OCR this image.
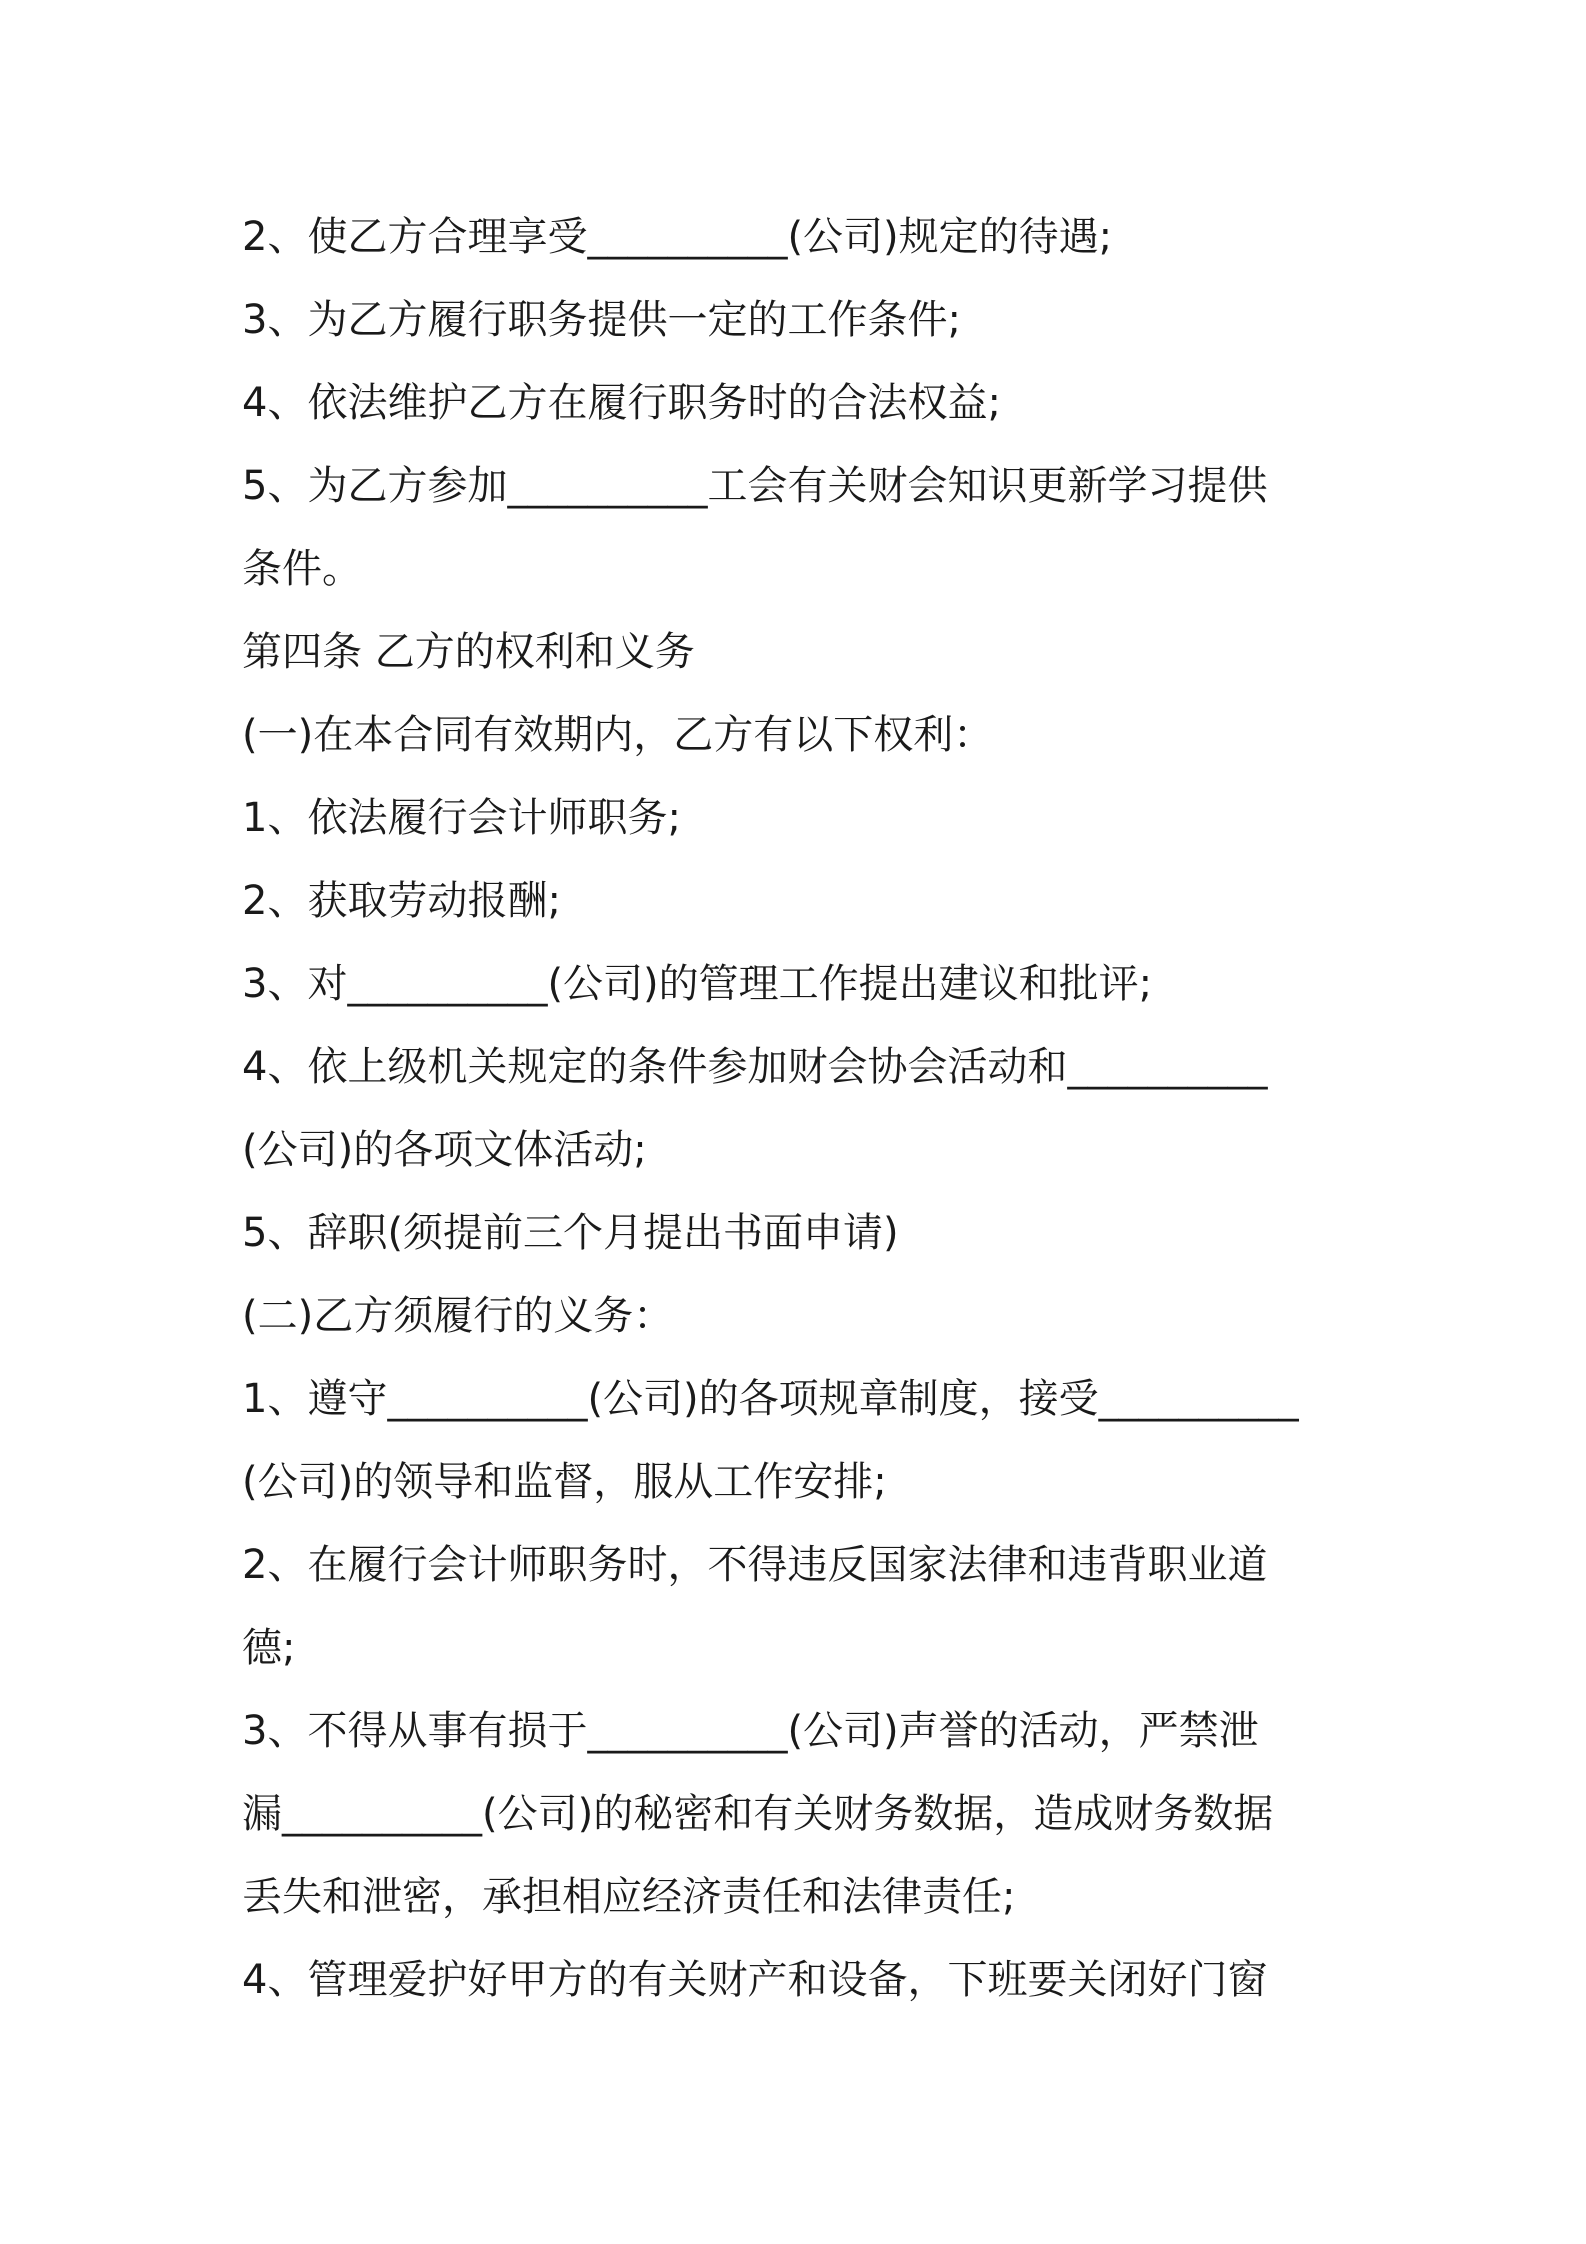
2、使乙方合理享受__________(公司)规定的待遇;
3、为乙方履行职务提供一定的工作条件;
4、依法维护乙方在履行职务时的合法权益;
5、为乙方参加__________工会有关财会知识更新学习提供
条件。
第四条 乙方的权利和义务
(一)在本合同有效期内，乙方有以下权利：
1、依法履行会计师职务;
2、获取劳动报酬;
3、对__________(公司)的管理工作提出建议和批评;
4、依上级机关规定的条件参加财会协会活动和__________
(公司)的各项文体活动;
5、辞职(须提前三个月提出书面申请)
(二)乙方须履行的义务：
1、遵守__________(公司)的各项规章制度，接受__________
(公司)的领导和监督，服从工作安排;
2、在履行会计师职务时，不得违反国家法律和违背职业道
德;
3、不得从事有损于__________(公司)声誉的活动，严禁泄
漏__________(公司)的秘密和有关财务数据，造成财务数据
丢失和泄密，承担相应经济责任和法律责任;
4、管理爱护好甲方的有关财产和设备，下班要关闭好门窗
